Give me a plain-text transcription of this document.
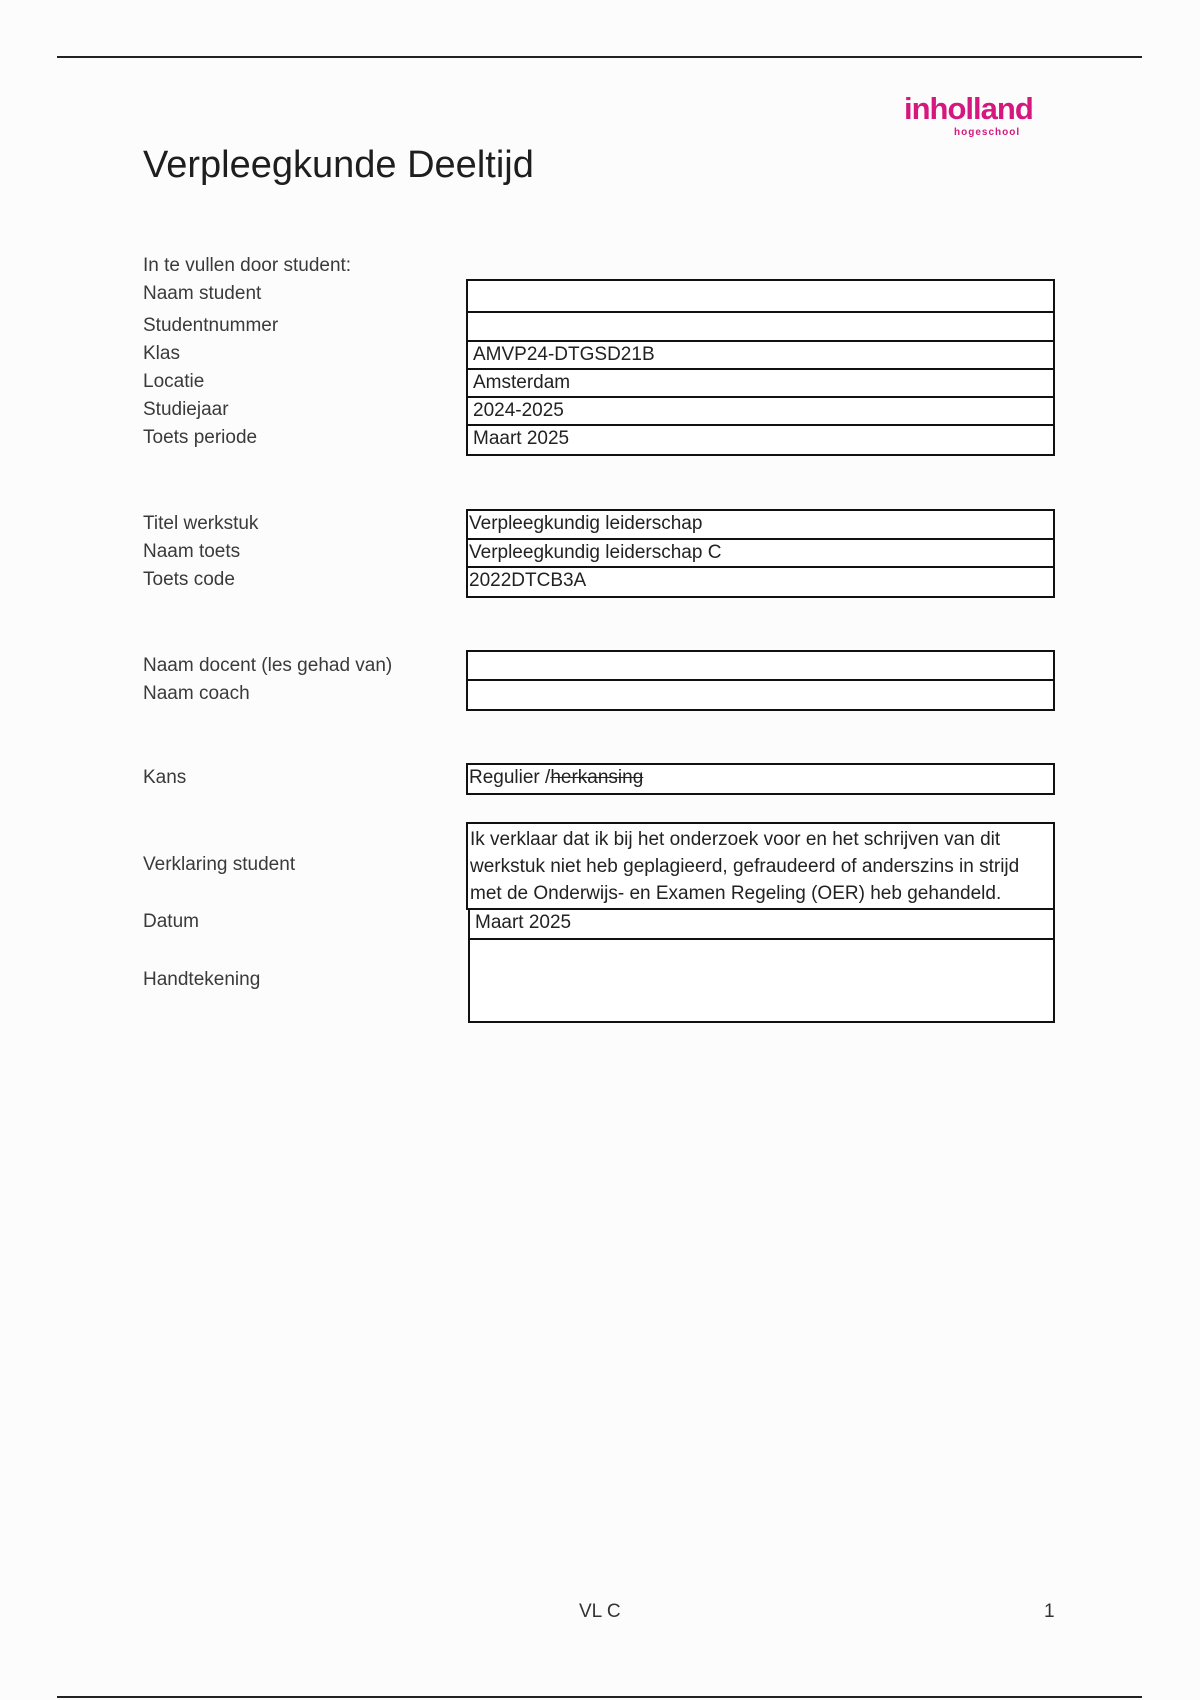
inholland
hogeschool
Verpleegkunde Deeltijd
In te vullen door student:
Naam student
Studentnummer
Klas
Locatie
Studiejaar
Toets periode
AMVP24-DTGSD21B
Amsterdam
2024-2025
Maart 2025
Titel werkstuk
Naam toets
Toets code
Verpleegkundig leiderschap
Verpleegkundig leiderschap C
2022DTCB3A
Naam docent (les gehad van)
Naam coach
Kans	Regulier /herkansing
Verklaring student
Datum
Handtekening
Ik verklaar dat ik bij het onderzoek voor en het schrijven van dit werkstuk niet heb geplagieerd, gefraudeerd of anderszins in strijd met de Onderwijs- en Examen Regeling (OER) heb gehandeld.
Maart 2025
VL C	1
